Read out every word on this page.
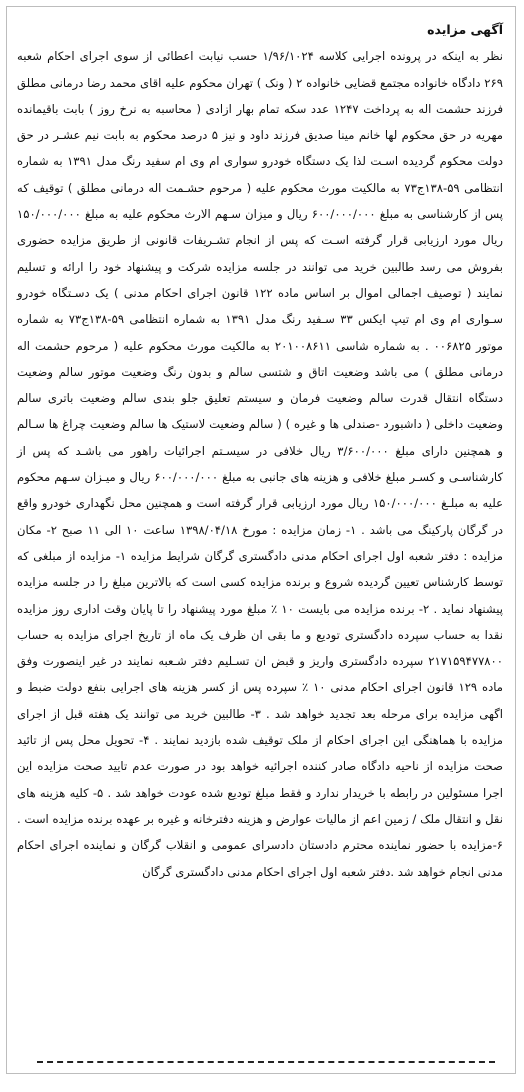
آگهی مزایده

نظر به اینکه در پرونده اجرایی کلاسه ۱/۹۶/۱۰۲۴ حسب نیابت اعطائی از سوی اجرای احکام شعبه ۲۶۹ دادگاه خانواده مجتمع قضایی خانواده ۲ ( ونک ) تهران محکوم علیه اقای محمد رضا درمانی مطلق فرزند حشمت اله به پرداخت ۱۲۴۷ عدد سکه تمام بهار ازادی ( محاسبه به نرخ روز ) بابت باقیمانده مهریه در حق محکوم لها خانم مینا صدیق فرزند داود و نیز ۵ درصد محکوم به بابت نیم عشـر در حق دولت محکوم گردیده اسـت لذا یک دستگاه خودرو سواری ام وی ام سفید رنگ مدل ۱۳۹۱ به شماره انتظامی ۵۹-۱۳۸ج۷۳ به مالکیت مورث محکوم علیه ( مرحوم حشـمت اله درمانی مطلق ) توقیف که پس از کارشناسی به مبلغ ۶۰۰/۰۰۰/۰۰۰ ریال و میزان سـهم الارث محکوم علیه به مبلغ ۱۵۰/۰۰۰/۰۰۰ ریال مورد ارزیابی قرار گرفته اسـت که پس از انجام تشـریفات قانونی از طریق مزایده حضوری بفروش می رسد طالبین خرید می توانند در جلسه مزایده شرکت و پیشنهاد خود را ارائه و تسلیم نمایند ( توصیف اجمالی اموال بر اساس ماده ۱۲۲ قانون اجرای احکام مدنی ) یک دسـتگاه خودرو سـواری ام وی ام تیپ ایکس ۳۳ سـفید رنگ مدل ۱۳۹۱ به شماره انتظامی ۵۹-۱۳۸ج۷۳ به شماره موتور ۰۰۶۸۲۵ . به شماره شاسی ۲۰۱۰۰۸۶۱۱ به مالکیت مورث محکوم علیه ( مرحوم حشمت اله درمانی مطلق ) می باشد وضعیت اتاق و شتسی سالم و بدون رنگ وضعیت موتور سالم وضعیت دستگاه انتقال قدرت سالم وضعیت فرمان و سیستم تعلیق جلو بندی سالم وضعیت باتری سالم وضعیت داخلی ( داشبورد -صندلی ها و غیره ) ( سالم وضعیت لاستیک ها سالم وضعیت چراغ ها سـالم و همچنین دارای مبلغ ۳/۶۰۰/۰۰۰ ریال خلافی در سیسـتم اجرائیات راهور می باشـد که پس از کارشناسـی و کسـر مبلغ خلافی و هزینه های جانبی به مبلغ ۶۰۰/۰۰۰/۰۰۰ ریال و میـزان سـهم محکوم علیه به مبلـغ ۱۵۰/۰۰۰/۰۰۰ ریال مورد ارزیابی قرار گرفته است و همچنین محل نگهداری خودرو واقع در گرگان پارکینگ می باشد . ۱- زمان مزایده : مورخ ۱۳۹۸/۰۴/۱۸ ساعت ۱۰ الی ۱۱ صبح ۲- مکان مزایده : دفتر شعبه اول اجرای احکام مدنی دادگستری گرگان شرایط مزایده ۱- مزایده از مبلغی که توسط کارشناس تعیین گردیده شروع و برنده مزایده کسی است که بالاترین مبلغ را در جلسه مزایده پیشنهاد نماید . ۲- برنده مزایده می بایست ۱۰ ٪ مبلغ مورد پیشنهاد را تا پایان وقت اداری روز مزایده نقدا به حساب سپرده دادگستری تودیع و ما بقی ان ظرف یک ماه از تاریخ اجرای مزایده به حساب ۲۱۷۱۵۹۴۷۷۸۰۰ سپرده دادگستری واریز و قبض ان تسـلیم دفتر شـعبه نمایند در غیر اینصورت وفق ماده ۱۲۹ قانون اجرای احکام مدنی ۱۰ ٪ سپرده پس از کسر هزینه های اجرایی بنفع دولت ضبط و اگهی مزایده برای مرحله بعد تجدید خواهد شد . ۳- طالبین خرید می توانند یک هفته قبل از اجرای مزایده با هماهنگی این اجرای احکام از ملک توقیف شده بازدید نمایند . ۴- تحویل محل پس از تائید صحت مزایده از ناحیه دادگاه صادر کننده اجرائیه خواهد بود در صورت عدم تایید صحت مزایده این اجرا مسئولین در رابطه با خریدار ندارد و فقط مبلغ تودیع شده عودت خواهد شد . ۵- کلیه هزینه های نقل و انتقال ملک / زمین اعم از مالیات عوارض و هزینه دفترخانه و غیره بر عهده برنده مزایده است . ۶-مزایده با حضور نماینده محترم دادستان دادسرای عمومی و انقلاب گرگان و نماینده اجرای احکام مدنی انجام خواهد شد .دفتر شعبه اول اجرای احکام مدنی دادگستری گرگان
